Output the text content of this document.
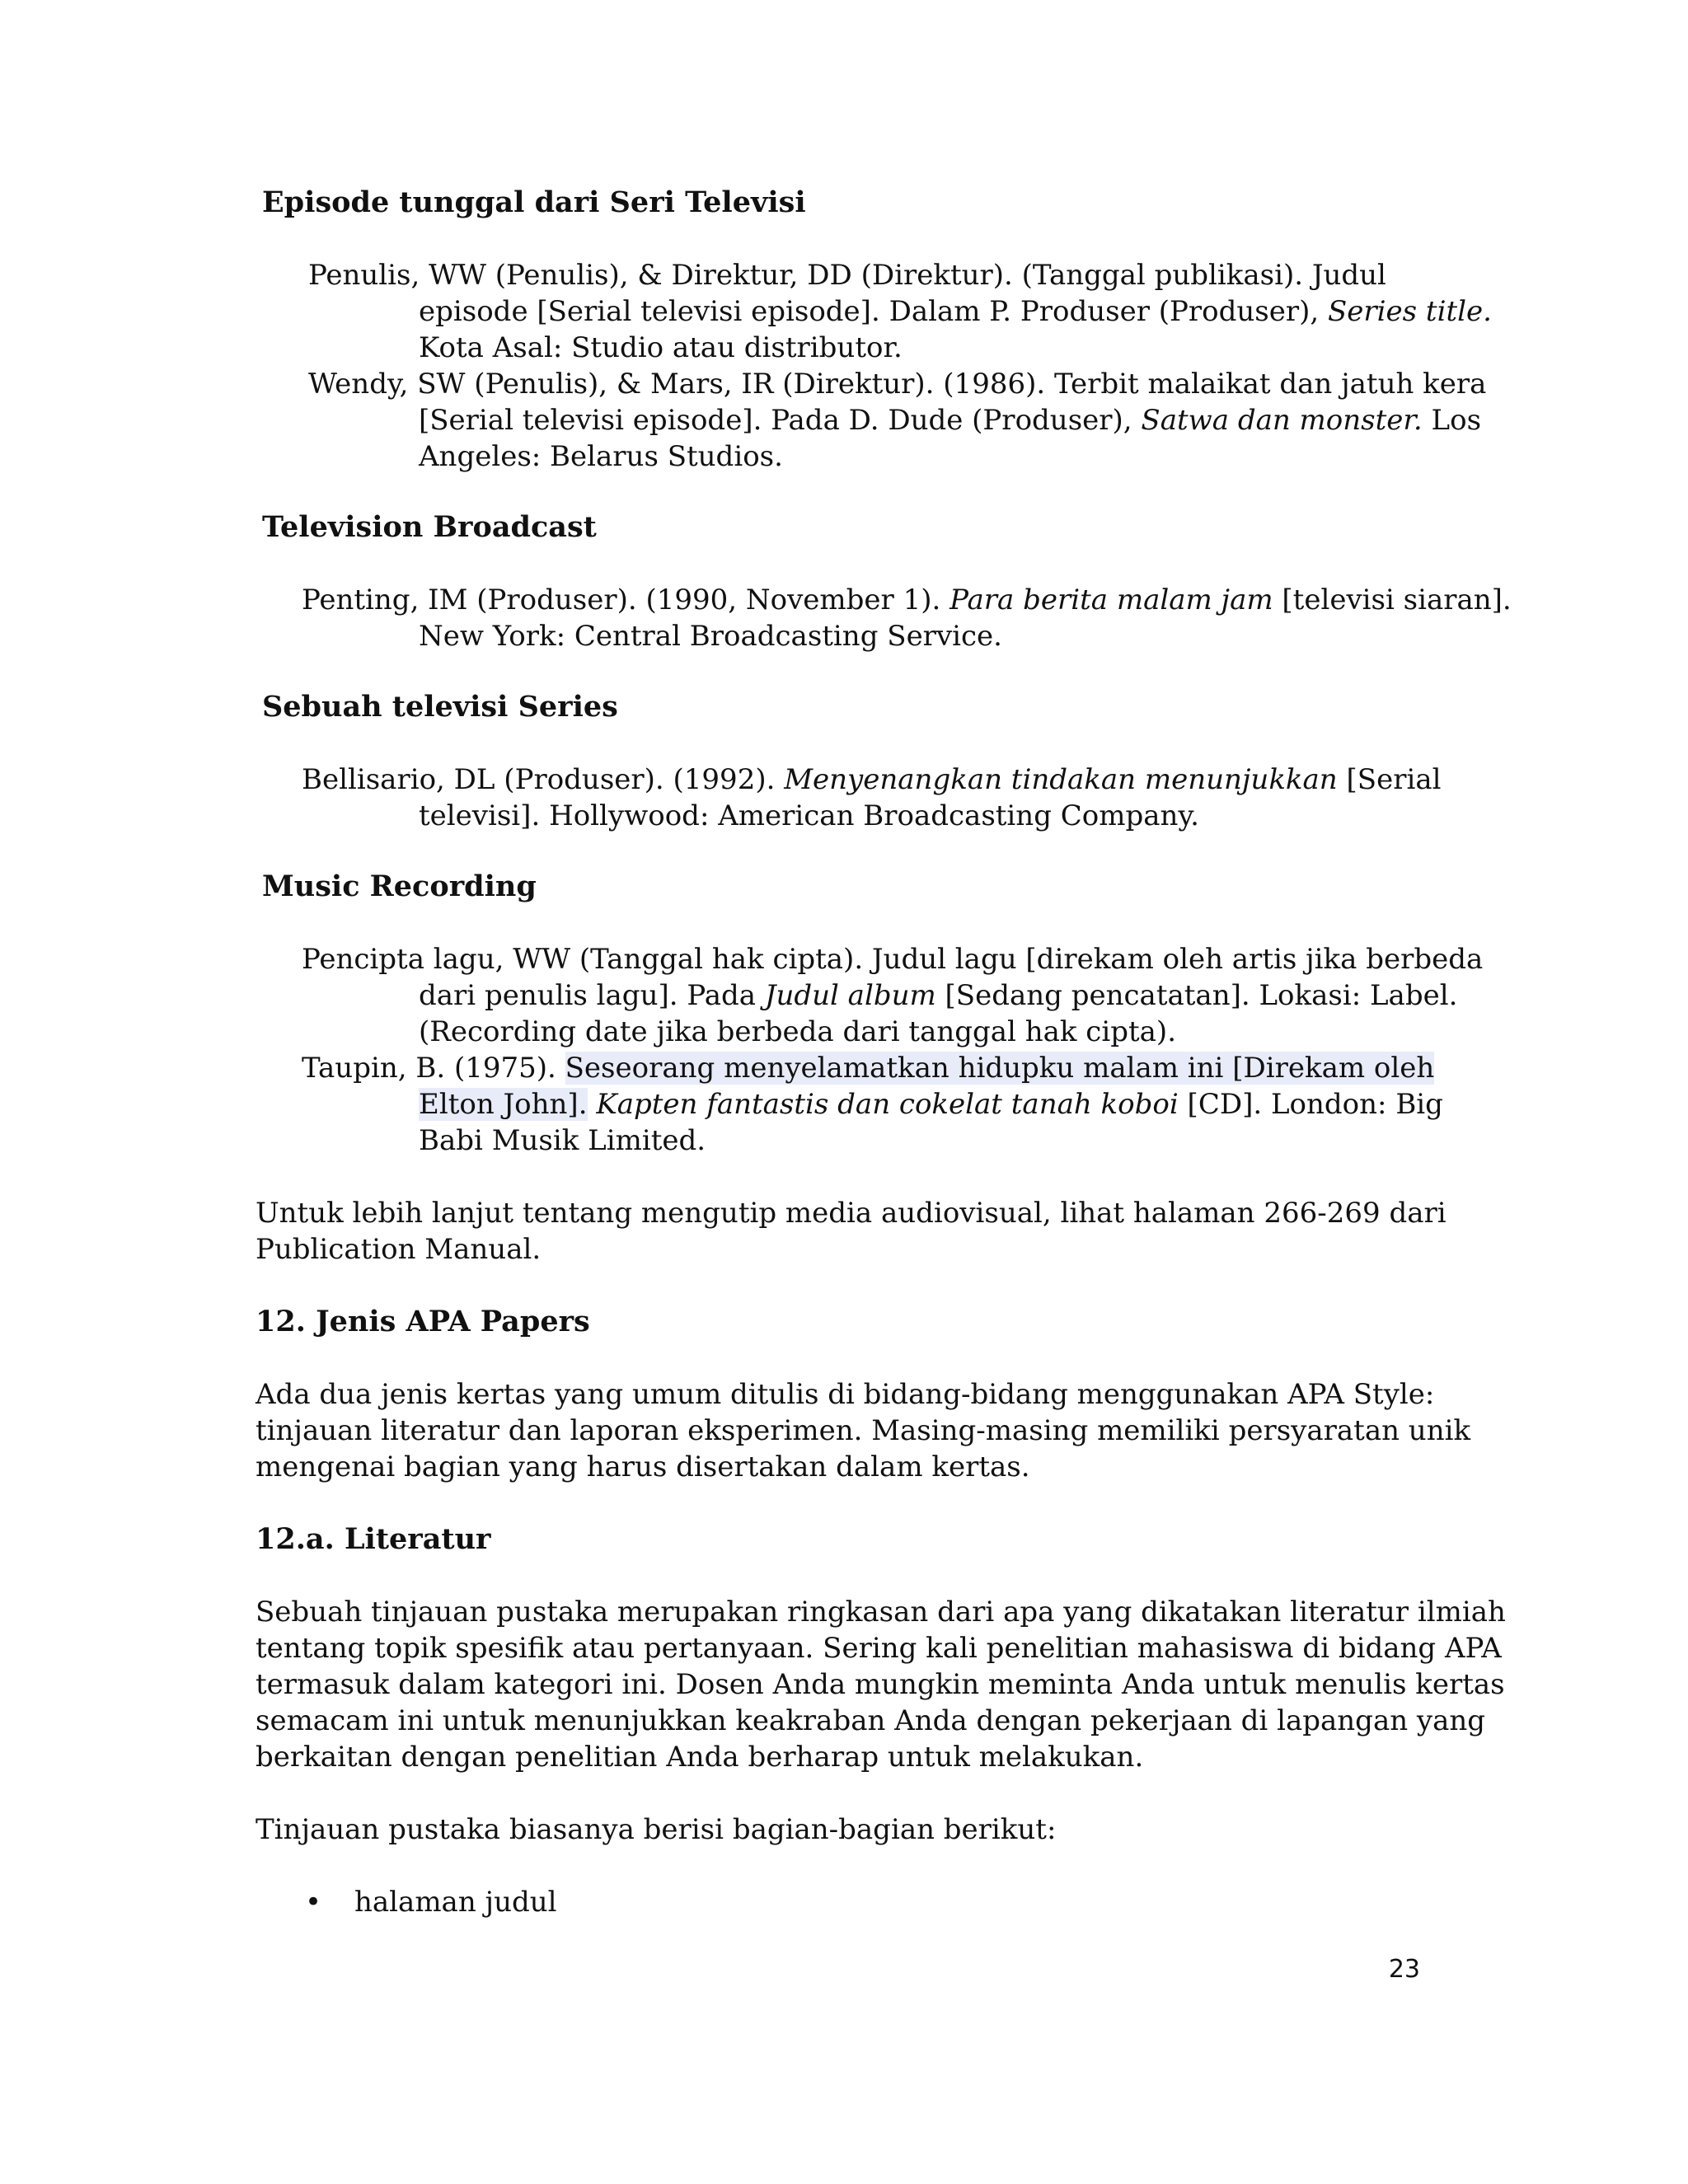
Episode tunggal dari Seri Televisi
Penulis, WW (Penulis), & Direktur, DD (Direktur). (Tanggal publikasi). Judul
episode [Serial televisi episode]. Dalam P. Produser (Produser), Series title.
Kota Asal: Studio atau distributor.
Wendy, SW (Penulis), & Mars, IR (Direktur). (1986). Terbit malaikat dan jatuh kera
[Serial televisi episode]. Pada D. Dude (Produser), Satwa dan monster. Los
Angeles: Belarus Studios.
Television Broadcast
Penting, IM (Produser). (1990, November 1). Para berita malam jam [televisi siaran].
New York: Central Broadcasting Service.
Sebuah televisi Series
Bellisario, DL (Produser). (1992). Menyenangkan tindakan menunjukkan [Serial
televisi]. Hollywood: American Broadcasting Company.
Music Recording
Pencipta lagu, WW (Tanggal hak cipta). Judul lagu [direkam oleh artis jika berbeda
dari penulis lagu]. Pada Judul album [Sedang pencatatan]. Lokasi: Label.
(Recording date jika berbeda dari tanggal hak cipta).
Taupin, B. (1975). Seseorang menyelamatkan hidupku malam ini [Direkam oleh
Elton John]. Kapten fantastis dan cokelat tanah koboi [CD]. London: Big
Babi Musik Limited.
Untuk lebih lanjut tentang mengutip media audiovisual, lihat halaman 266-269 dari
Publication Manual.
12. Jenis APA Papers
Ada dua jenis kertas yang umum ditulis di bidang-bidang menggunakan APA Style:
tinjauan literatur dan laporan eksperimen. Masing-masing memiliki persyaratan unik
mengenai bagian yang harus disertakan dalam kertas.
12.a. Literatur
Sebuah tinjauan pustaka merupakan ringkasan dari apa yang dikatakan literatur ilmiah
tentang topik spesifik atau pertanyaan. Sering kali penelitian mahasiswa di bidang APA
termasuk dalam kategori ini. Dosen Anda mungkin meminta Anda untuk menulis kertas
semacam ini untuk menunjukkan keakraban Anda dengan pekerjaan di lapangan yang
berkaitan dengan penelitian Anda berharap untuk melakukan.
Tinjauan pustaka biasanya berisi bagian-bagian berikut:
• halaman judul
23
